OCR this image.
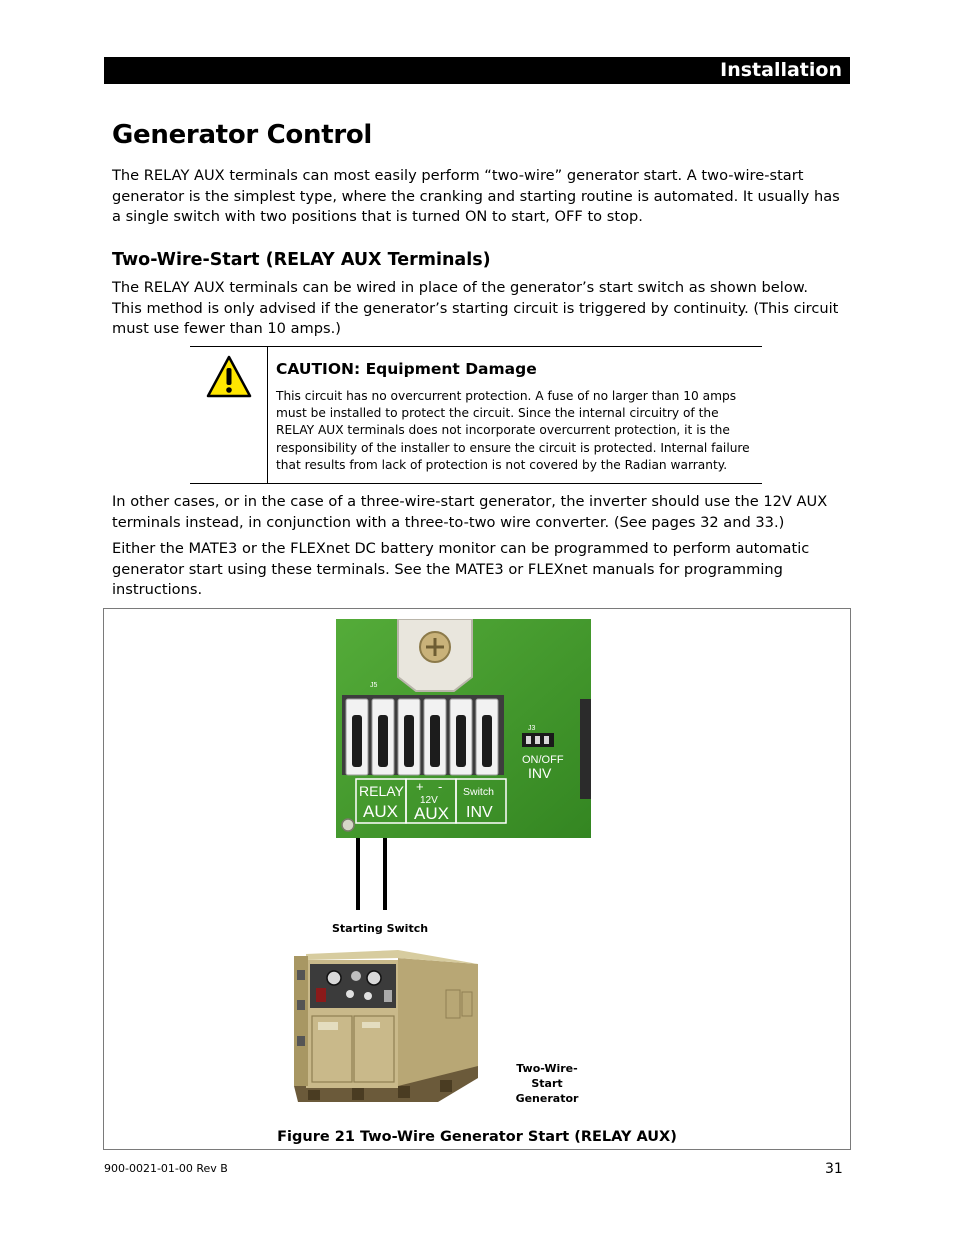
Installation
Generator Control

The RELAY AUX terminals can most easily perform “two-wire” generator start. A two-wire-start generator is the simplest type, where the cranking and starting routine is automated. It usually has a single switch with two positions that is turned ON to start, OFF to stop.

Two-Wire-Start (RELAY AUX Terminals)

The RELAY AUX terminals can be wired in place of the generator’s start switch as shown below. This method is only advised if the generator’s starting circuit is triggered by continuity. (This circuit must use fewer than 10 amps.)

CAUTION: Equipment Damage

This circuit has no overcurrent protection. A fuse of no larger than 10 amps must be installed to protect the circuit. Since the internal circuitry of the RELAY AUX terminals does not incorporate overcurrent protection, it is the responsibility of the installer to ensure the circuit is protected. Internal failure that results from lack of protection is not covered by the Radian warranty.

In other cases, or in the case of a three-wire-start generator, the inverter should use the 12V AUX terminals instead, in conjunction with a three-to-two wire converter. (See pages 32 and 33.)

Either the MATE3 or the FLEXnet DC battery monitor can be programmed to perform automatic generator start using these terminals. See the MATE3 or FLEXnet manuals for programming instructions.

J5
J3
ON/OFF
INV
RELAY
AUX
+    -
12V
AUX
Switch
INV
Starting Switch
Two-Wire-Start
Generator
Figure 21 Two-Wire Generator Start (RELAY AUX)
900-0021-01-00 Rev B	31
